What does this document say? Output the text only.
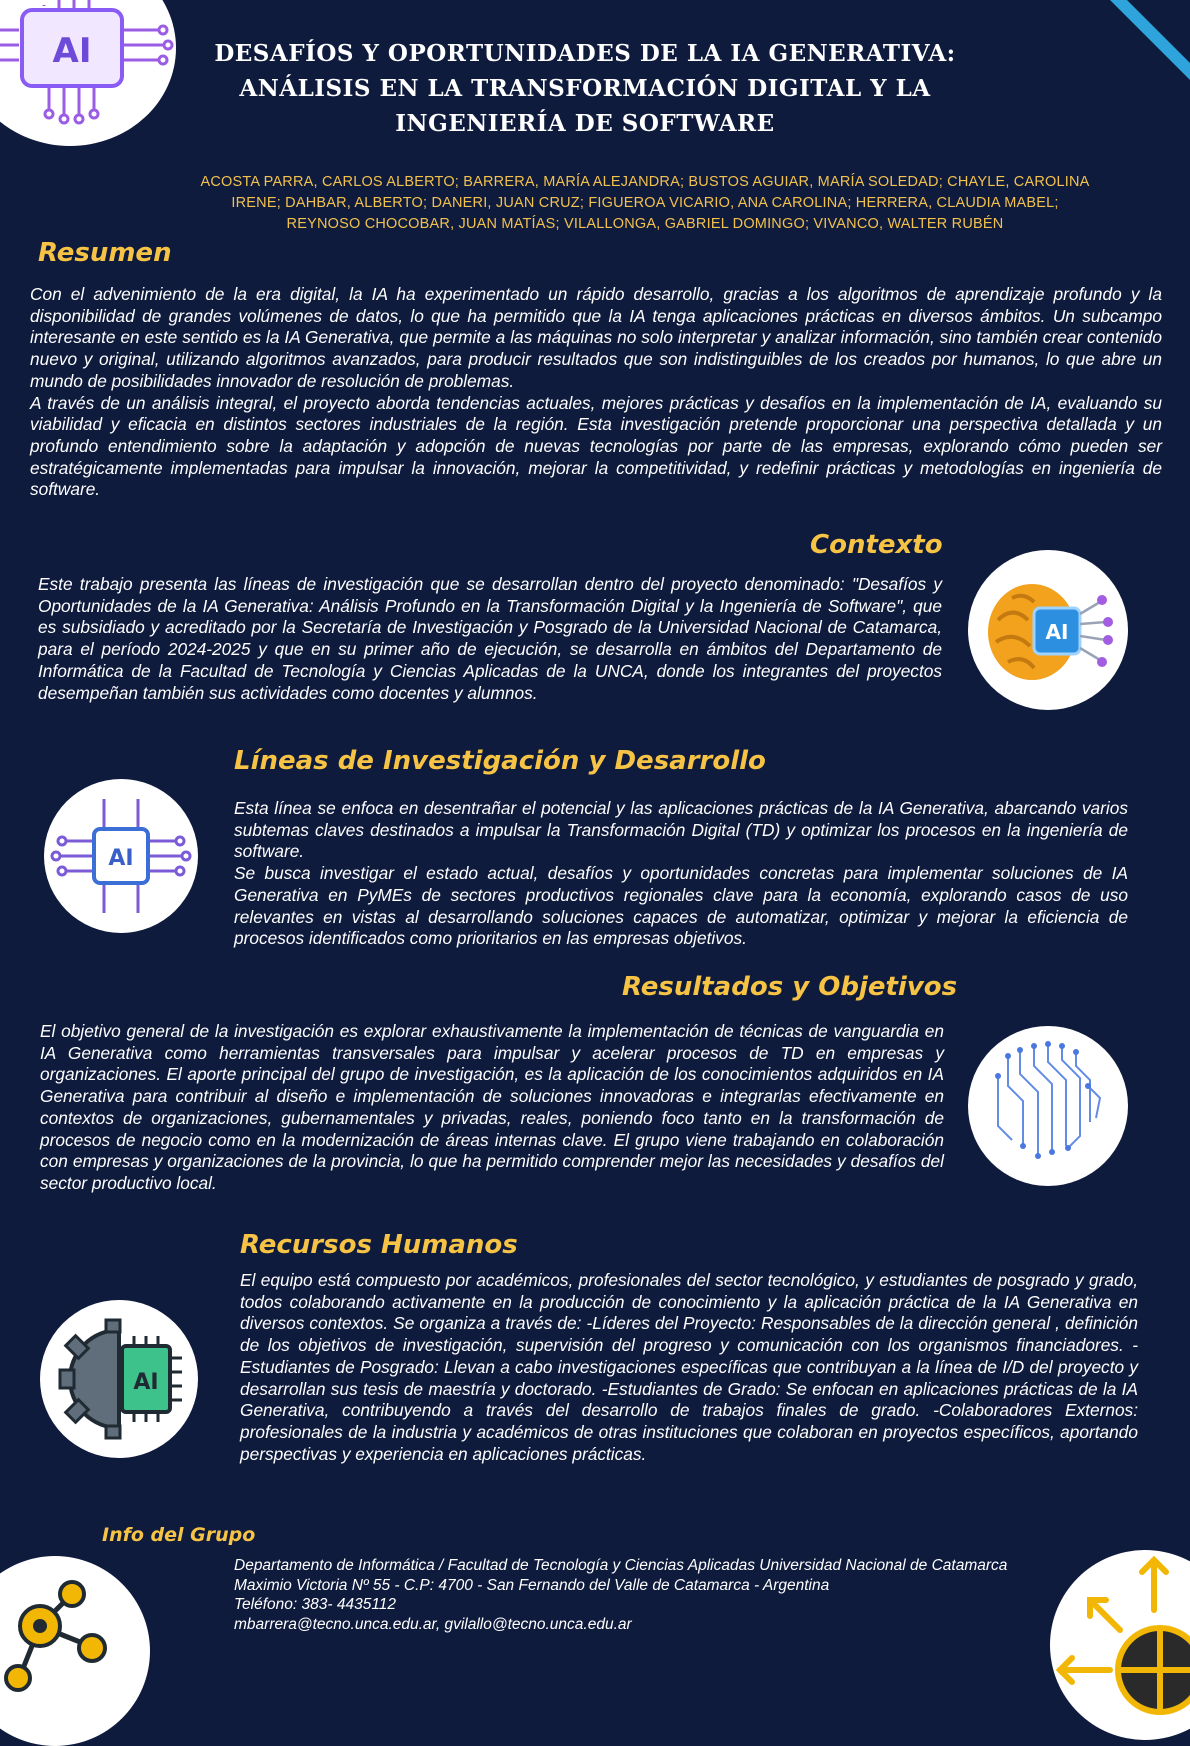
AI	DESAFÍOS Y OPORTUNIDADES DE LA IA GENERATIVA: ANÁLISIS EN LA TRANSFORMACIÓN DIGITAL Y LA INGENIERÍA DE SOFTWARE
ACOSTA PARRA, CARLOS ALBERTO; BARRERA, MARÍA ALEJANDRA; BUSTOS AGUIAR, MARÍA SOLEDAD; CHAYLE, CAROLINA IRENE; DAHBAR, ALBERTO; DANERI, JUAN CRUZ; FIGUEROA VICARIO, ANA CAROLINA; HERRERA, CLAUDIA MABEL; REYNOSO CHOCOBAR, JUAN MATÍAS; VILALLONGA, GABRIEL DOMINGO; VIVANCO, WALTER RUBÉN
Resumen

Con el advenimiento de la era digital, la IA ha experimentado un rápido desarrollo, gracias a los algoritmos de aprendizaje profundo y la disponibilidad de grandes volúmenes de datos, lo que ha permitido que la IA tenga aplicaciones prácticas en diversos ámbitos. Un subcampo interesante en este sentido es la IA Generativa, que permite a las máquinas no solo interpretar y analizar información, sino también crear contenido nuevo y original, utilizando algoritmos avanzados, para producir resultados que son indistinguibles de los creados por humanos, lo que abre un mundo de posibilidades innovador de resolución de problemas.

A través de un análisis integral, el proyecto aborda tendencias actuales, mejores prácticas y desafíos en la implementación de IA, evaluando su viabilidad y eficacia en distintos sectores industriales de la región. Esta investigación pretende proporcionar una perspectiva detallada y un profundo entendimiento sobre la adaptación y adopción de nuevas tecnologías por parte de las empresas, explorando cómo pueden ser estratégicamente implementadas para impulsar la innovación, mejorar la competitividad, y redefinir prácticas y metodologías en ingeniería de software.

Contexto

Este trabajo presenta las líneas de investigación que se desarrollan dentro del proyecto denominado: "Desafíos y Oportunidades de la IA Generativa: Análisis Profundo en la Transformación Digital y la Ingeniería de Software", que es subsidiado y acreditado por la Secretaría de Investigación y Posgrado de la Universidad Nacional de Catamarca, para el período 2024-2025 y que en su primer año de ejecución, se desarrolla en ámbitos del Departamento de Informática de la Facultad de Tecnología y Ciencias Aplicadas de la UNCA, donde los integrantes del proyectos desempeñan también sus actividades como docentes y alumnos.

AI
Líneas de Investigación y Desarrollo
AI

Esta línea se enfoca en desentrañar el potencial y las aplicaciones prácticas de la IA Generativa, abarcando varios subtemas claves destinados a impulsar la Transformación Digital (TD) y optimizar los procesos en la ingeniería de software.

Se busca investigar el estado actual, desafíos y oportunidades concretas para implementar soluciones de IA Generativa en PyMEs de sectores productivos regionales clave para la economía, explorando casos de uso relevantes en vistas al desarrollando soluciones capaces de automatizar, optimizar y mejorar la eficiencia de procesos identificados como prioritarios en las empresas objetivos.

Resultados y Objetivos

El objetivo general de la investigación es explorar exhaustivamente la implementación de técnicas de vanguardia en IA Generativa como herramientas transversales para impulsar y acelerar procesos de TD en empresas y organizaciones. El aporte principal del grupo de investigación, es la aplicación de los conocimientos adquiridos en IA Generativa para contribuir al diseño e implementación de soluciones innovadoras e integrarlas efectivamente en contextos de organizaciones, gubernamentales y privadas, reales, poniendo foco tanto en la transformación de procesos de negocio como en la modernización de áreas internas clave. El grupo viene trabajando en colaboración con empresas y organizaciones de la provincia, lo que ha permitido comprender mejor las necesidades y desafíos del sector productivo local.

Recursos Humanos
AI

El equipo está compuesto por académicos, profesionales del sector tecnológico, y estudiantes de posgrado y grado, todos colaborando activamente en la producción de conocimiento y la aplicación práctica de la IA Generativa en diversos contextos. Se organiza a través de: -Líderes del Proyecto: Responsables de la dirección general , definición de los objetivos de investigación, supervisión del progreso y comunicación con los organismos financiadores. -Estudiantes de Posgrado: Llevan a cabo investigaciones específicas que contribuyan a la línea de I/D del proyecto y desarrollan sus tesis de maestría y doctorado. -Estudiantes de Grado: Se enfocan en aplicaciones prácticas de la IA Generativa, contribuyendo a través del desarrollo de trabajos finales de grado. -Colaboradores Externos: profesionales de la industria y académicos de otras instituciones que colaboran en proyectos específicos, aportando perspectivas y experiencia en aplicaciones prácticas.

Info del Grupo
Departamento de Informática / Facultad de Tecnología y Ciencias Aplicadas Universidad Nacional de Catamarca
Maximio Victoria Nº 55 - C.P: 4700 - San Fernando del Valle de Catamarca - Argentina
Teléfono: 383- 4435112
mbarrera@tecno.unca.edu.ar, gvilallo@tecno.unca.edu.ar
